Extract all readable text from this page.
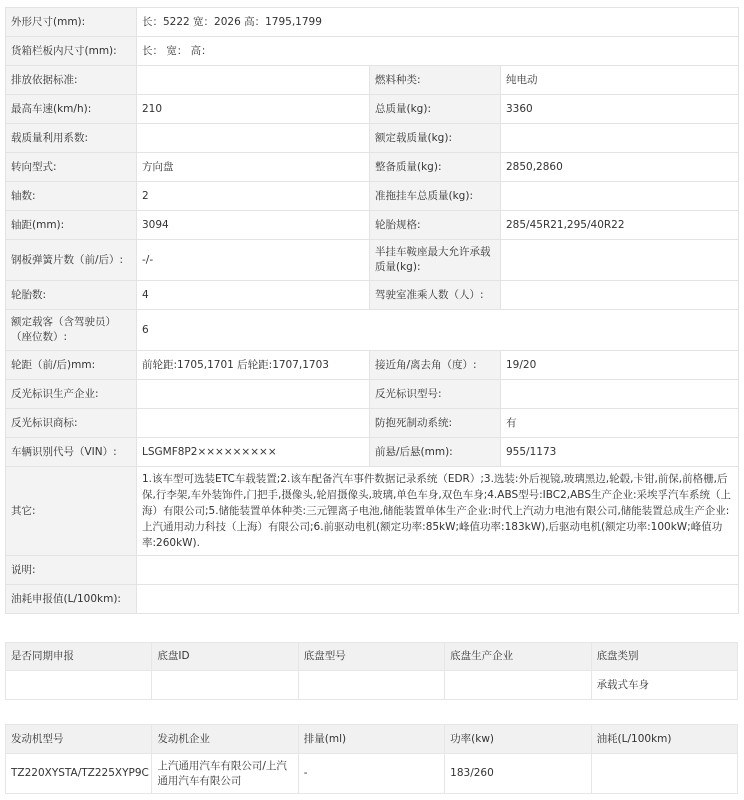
外形尺寸(mm):	长：5222 宽：2026 高：1795,1799		
货箱栏板内尺寸(mm):	长： 宽： 高：		
排放依据标准:		燃料种类:	纯电动
最高车速(km/h):	210	总质量(kg):	3360
载质量利用系数:		额定载质量(kg):	
转向型式:	方向盘	整备质量(kg):	2850,2860
轴数:	2	准拖挂车总质量(kg):	
轴距(mm):	3094	轮胎规格:	285/45R21,295/40R22
钢板弹簧片数（前/后）:	-/-	半挂车鞍座最大允许承载质量(kg):	
轮胎数:	4	驾驶室准乘人数（人）:	
额定载客（含驾驶员）（座位数）:	6		
轮距（前/后)mm:	前轮距:1705,1701 后轮距:1707,1703	接近角/离去角（度）:	19/20
反光标识生产企业:		反光标识型号:	
反光标识商标:		防抱死制动系统:	有
车辆识别代号（VIN）:	LSGMF8P2×××××××××	前悬/后悬(mm):	955/1173
其它:	1.该车型可选装ETC车载装置;2.该车配备汽车事件数据记录系统（EDR）;3.选装:外后视镜,玻璃黑边,轮毂,卡钳,前保,前格栅,后保,行李架,车外装饰件,门把手,摄像头,轮眉摄像头,玻璃,单色车身,双色车身;4.ABS型号:IBC2,ABS生产企业:采埃孚汽车系统（上海）有限公司;5.储能装置单体种类:三元锂离子电池,储能装置单体生产企业:时代上汽动力电池有限公司,储能装置总成生产企业:上汽通用动力科技（上海）有限公司;6.前驱动电机(额定功率:85kW;峰值功率:183kW),后驱动电机(额定功率:100kW;峰值功率:260kW).		
说明:			
油耗申报值(L/100km):			
是否同期申报	底盘ID	底盘型号	底盘生产企业	底盘类别
				承载式车身
发动机型号	发动机企业	排量(ml)	功率(kw)	油耗(L/100km)
TZ220XYSTA/TZ225XYP9C	上汽通用汽车有限公司/上汽通用汽车有限公司	-	183/260	
